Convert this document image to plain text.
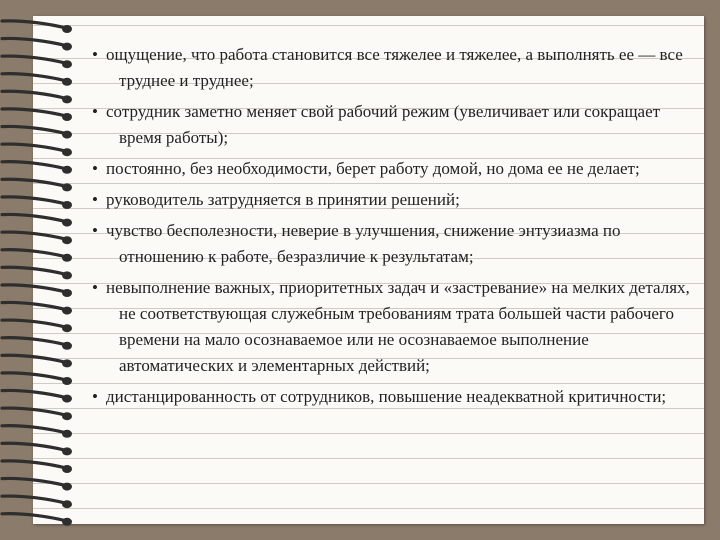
• ощущение, что работа становится все тяжелее и тяжелее, а выполнять ее — все труднее и труднее;

• сотрудник заметно меняет свой рабочий режим (увеличивает или сокращает время работы);

• постоянно, без необходимости, берет работу домой, но дома ее не делает;

• руководитель затрудняется в принятии решений;

• чувство бесполезности, неверие в улучшения, снижение энтузиазма по отношению к работе, безразличие к результатам;

• невыполнение важных, приоритетных задач и «застревание» на мелких деталях, не соответствующая служебным требованиям трата большей части рабочего времени на мало осознаваемое или не осознаваемое выполнение автоматических и элементарных действий;

• дистанцированность от сотрудников, повышение неадекватной критичности;
